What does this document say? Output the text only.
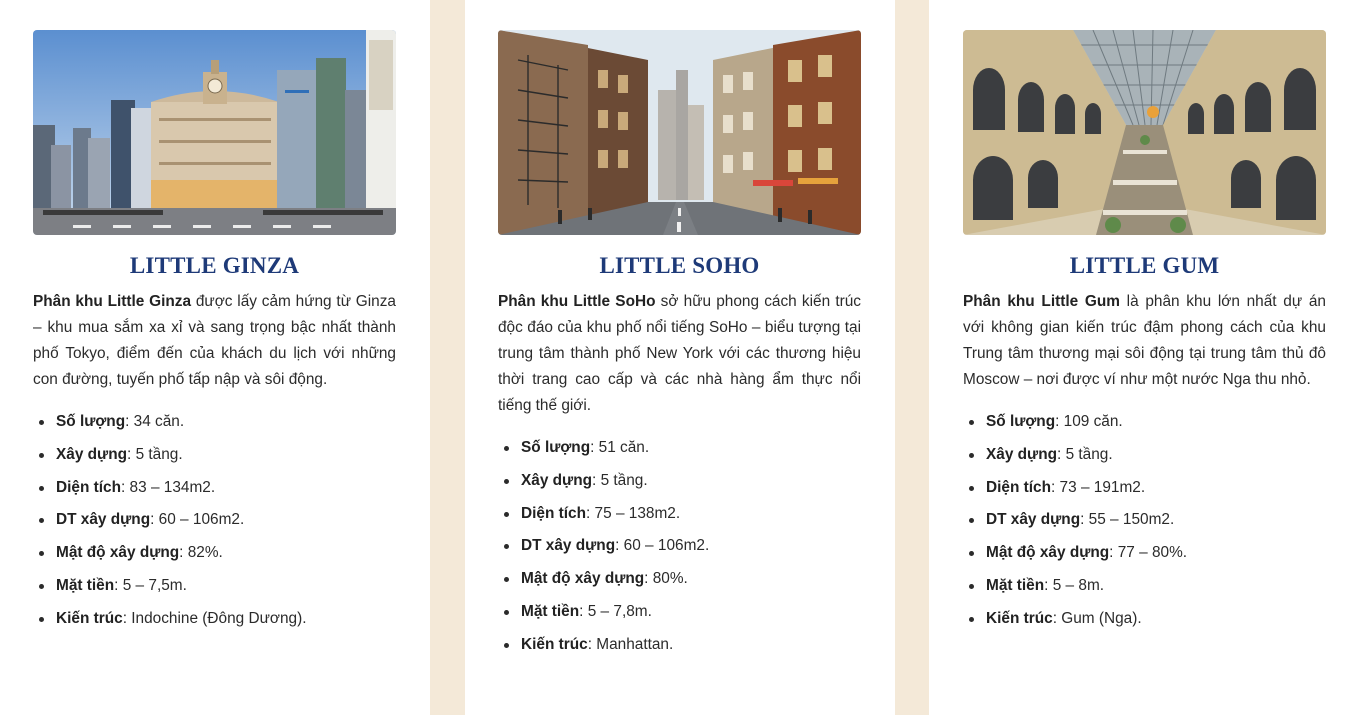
LITTLE GINZA

Phân khu Little Ginza được lấy cảm hứng từ Ginza – khu mua sắm xa xỉ và sang trọng bậc nhất thành phố Tokyo, điểm đến của khách du lịch với những con đường, tuyến phố tấp nập và sôi động.

Số lượng: 34 căn.
Xây dựng: 5 tầng.
Diện tích: 83 – 134m2.
DT xây dựng: 60 – 106m2.
Mật độ xây dựng: 82%.
Mặt tiền: 5 – 7,5m.
Kiến trúc: Indochine (Đông Dương).
LITTLE SOHO

Phân khu Little SoHo sở hữu phong cách kiến trúc độc đáo của khu phố nổi tiếng SoHo – biểu tượng tại trung tâm thành phố New York với các thương hiệu thời trang cao cấp và các nhà hàng ẩm thực nổi tiếng thế giới.

Số lượng: 51 căn.
Xây dựng: 5 tầng.
Diện tích: 75 – 138m2.
DT xây dựng: 60 – 106m2.
Mật độ xây dựng: 80%.
Mặt tiền: 5 – 7,8m.
Kiến trúc: Manhattan.
LITTLE GUM

Phân khu Little Gum là phân khu lớn nhất dự án với không gian kiến trúc đậm phong cách của khu Trung tâm thương mại sôi động tại trung tâm thủ đô Moscow – nơi được ví như một nước Nga thu nhỏ.

Số lượng: 109 căn.
Xây dựng: 5 tầng.
Diện tích: 73 – 191m2.
DT xây dựng: 55 – 150m2.
Mật độ xây dựng: 77 – 80%.
Mặt tiền: 5 – 8m.
Kiến trúc: Gum (Nga).
